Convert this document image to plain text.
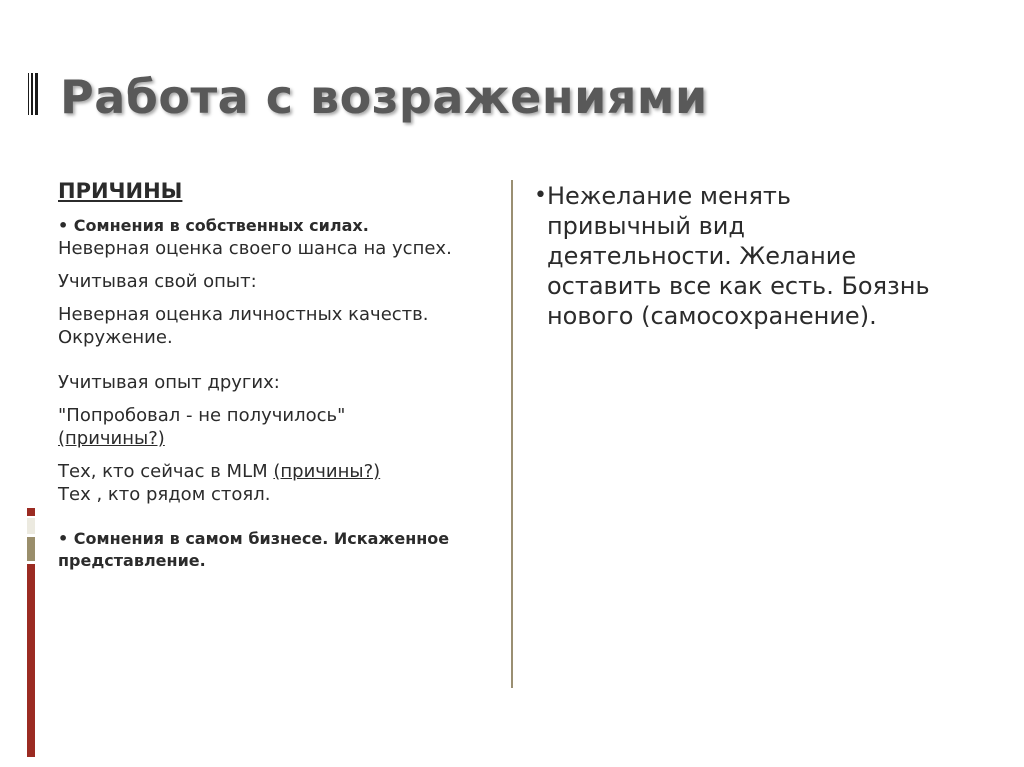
Работа с возражениями
ПРИЧИНЫ

• Сомнения в собственных силах.
Неверная оценка своего шанса на успех.

Учитывая свой опыт:

Неверная оценка личностных качеств. Окружение.

Учитывая опыт других:

"Попробовал - не получилось"
(причины?)

Тех, кто сейчас в MLM (причины?)
Тех , кто рядом стоял.

• Сомнения в самом бизнесе. Искаженное представление.

• Нежелание менять привычный вид деятельности. Желание оставить все как есть. Боязнь нового (самосохранение).
